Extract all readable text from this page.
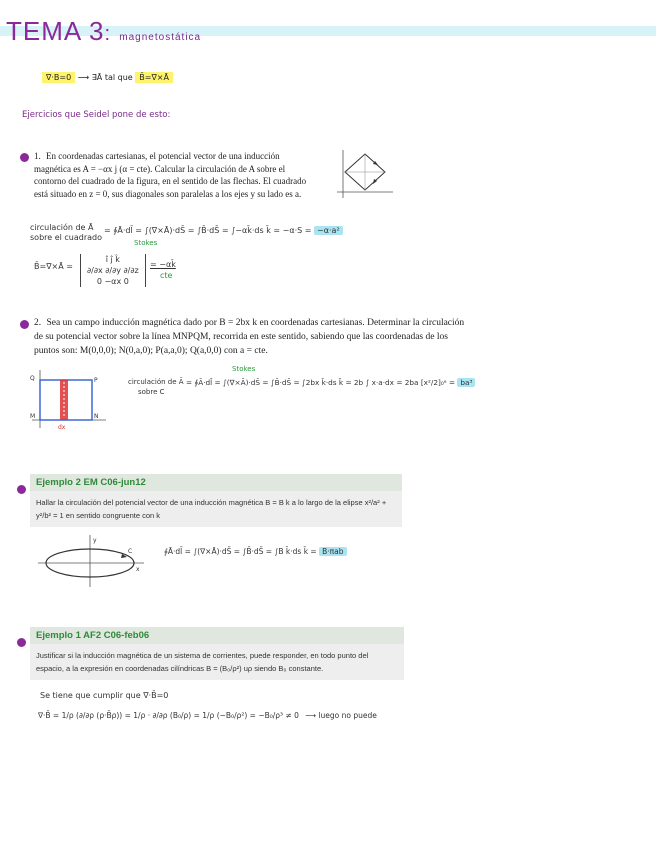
TEMA 3: magnetostática
∇·B=0 ⟶ ∃Ā tal que B̄=∇×Ā
Ejercicios que Seidel pone de esto:
1. En coordenadas cartesianas, el potencial vector de una inducción magnética es A = −αx j (α = cte). Calcular la circulación de A sobre el contorno del cuadrado de la figura, en el sentido de las flechas. El cuadrado está situado en z = 0, sus diagonales son paralelas a los ejes y su lado es a.
circulación de Ā
sobre el cuadrado
Stokes
= ∮Ā·dl̄ = ∫(∇×Ā)·dS̄ = ∫B̄·dS̄ = ∫−αk̄·ds k̄ = −α·S = −α·a²
B̄=∇×Ā =
î ĵ k̂
∂/∂x ∂/∂y ∂/∂z
0 −αx 0
= −αk̄
cte
2. Sea un campo inducción magnética dado por B = 2bx k en coordenadas cartesianas. Determinar la circulación de su potencial vector sobre la línea MNPQM, recorrida en este sentido, sabiendo que las coordenadas de los puntos son: M(0,0,0); N(0,a,0); P(a,a,0); Q(a,0,0) con a = cte.
Q	P
M	N
dx
circulación de Ā
sobre C
Stokes
= ∮Ā·dl̄ = ∫(∇×Ā)·dS̄ = ∫B̄·dS̄ = ∫2bx k̄·ds k̄ = 2b ∫ x·a·dx = 2ba [x²/2]₀ᵃ = ba³
Ejemplo 2 EM C06-jun12
Hallar la circulación del potencial vector de una inducción magnética B = B k a lo largo de la elipse x²/a² + y²/b² = 1 en sentido congruente con k
y
x
C	∮Ā·dl̄ = ∫(∇×Ā)·dS̄ = ∫B̄·dS̄ = ∫B k̄·ds k̄ = B·πab
Ejemplo 1 AF2 C06-feb06
Justificar si la inducción magnética de un sistema de corrientes, puede responder, en todo punto del espacio, a la expresión en coordenadas cilíndricas B = (B₀/ρ²) uρ siendo B₀ constante.
Se tiene que cumplir que ∇·B̄=0
∇·B̄ = 1/ρ (∂/∂ρ (ρ·B̄ρ)) = 1/ρ · ∂/∂ρ (B₀/ρ) = 1/ρ (−B₀/ρ²) = −B₀/ρ³ ≠ 0 ⟶ luego no puede
